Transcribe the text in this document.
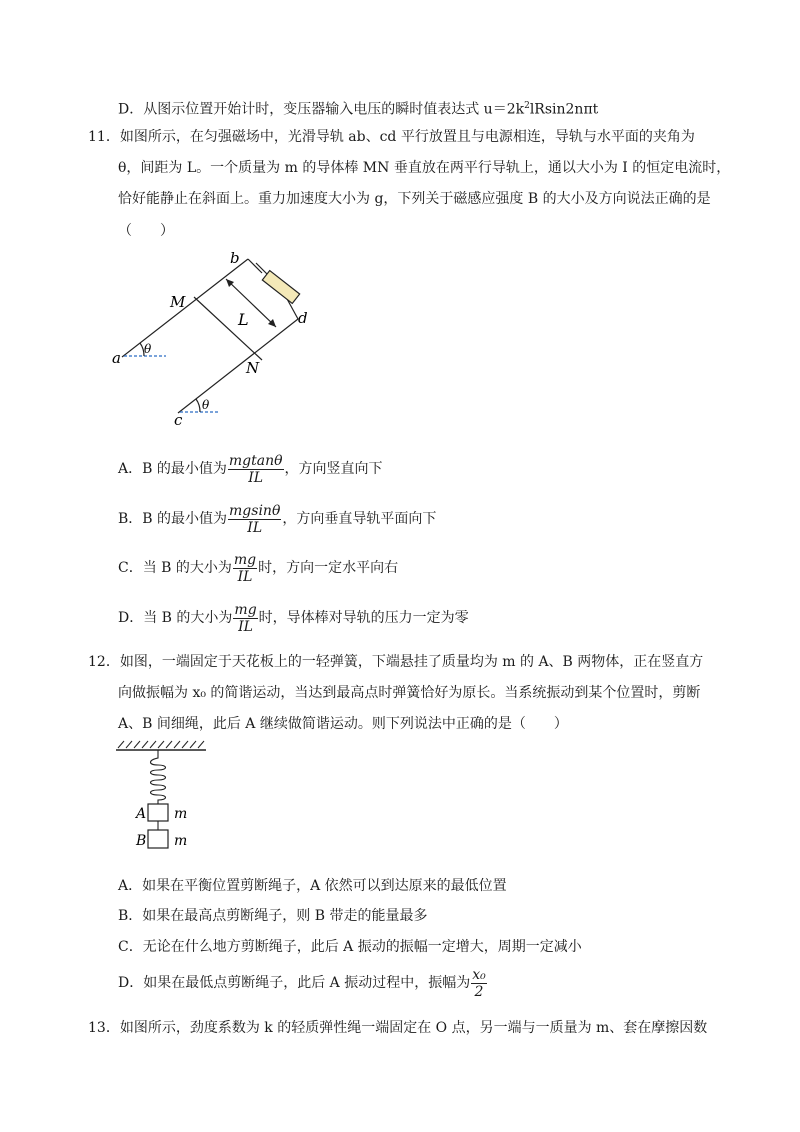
D．从图示位置开始计时，变压器输入电压的瞬时值表达式 $u=2k^2lRsin2n\pi t$
11．如图所示，在匀强磁场中，光滑导轨 ab、cd 平行放置且与电源相连，导轨与水平面的夹角为
θ，间距为 L。一个质量为 m 的导体棒 MN 垂直放在两平行导轨上，通以大小为 I 的恒定电流时，
恰好能静止在斜面上。重力加速度大小为 g，下列关于磁感应强度 B 的大小及方向说法正确的是
（　　）
b
d
M
N
L
a
c
θ
θ
A．B 的最小值为 $\frac{mgtan\theta}{IL}$ ，方向竖直向下
B．B 的最小值为 $\frac{mgsin\theta}{IL}$ ，方向垂直导轨平面向下
C．当 B 的大小为 $\frac{mg}{IL}$ 时，方向一定水平向右
D．当 B 的大小为 $\frac{mg}{IL}$ 时，导体棒对导轨的压力一定为零
12．如图，一端固定于天花板上的一轻弹簧，下端悬挂了质量均为 m 的 A、B 两物体，正在竖直方
向做振幅为 x₀ 的简谐运动，当达到最高点时弹簧恰好为原长。当系统振动到某个位置时，剪断
A、B 间细绳，此后 A 继续做简谐运动。则下列说法中正确的是（　　）
A m
B m
A．如果在平衡位置剪断绳子，A 依然可以到达原来的最低位置
B．如果在最高点剪断绳子，则 B 带走的能量最多
C．无论在什么地方剪断绳子，此后 A 振动的振幅一定增大，周期一定减小
D．如果在最低点剪断绳子，此后 A 振动过程中，振幅为 $\frac{\text{x₀}}{2}$
13．如图所示，劲度系数为 k 的轻质弹性绳一端固定在 O 点，另一端与一质量为 m、套在摩擦因数
